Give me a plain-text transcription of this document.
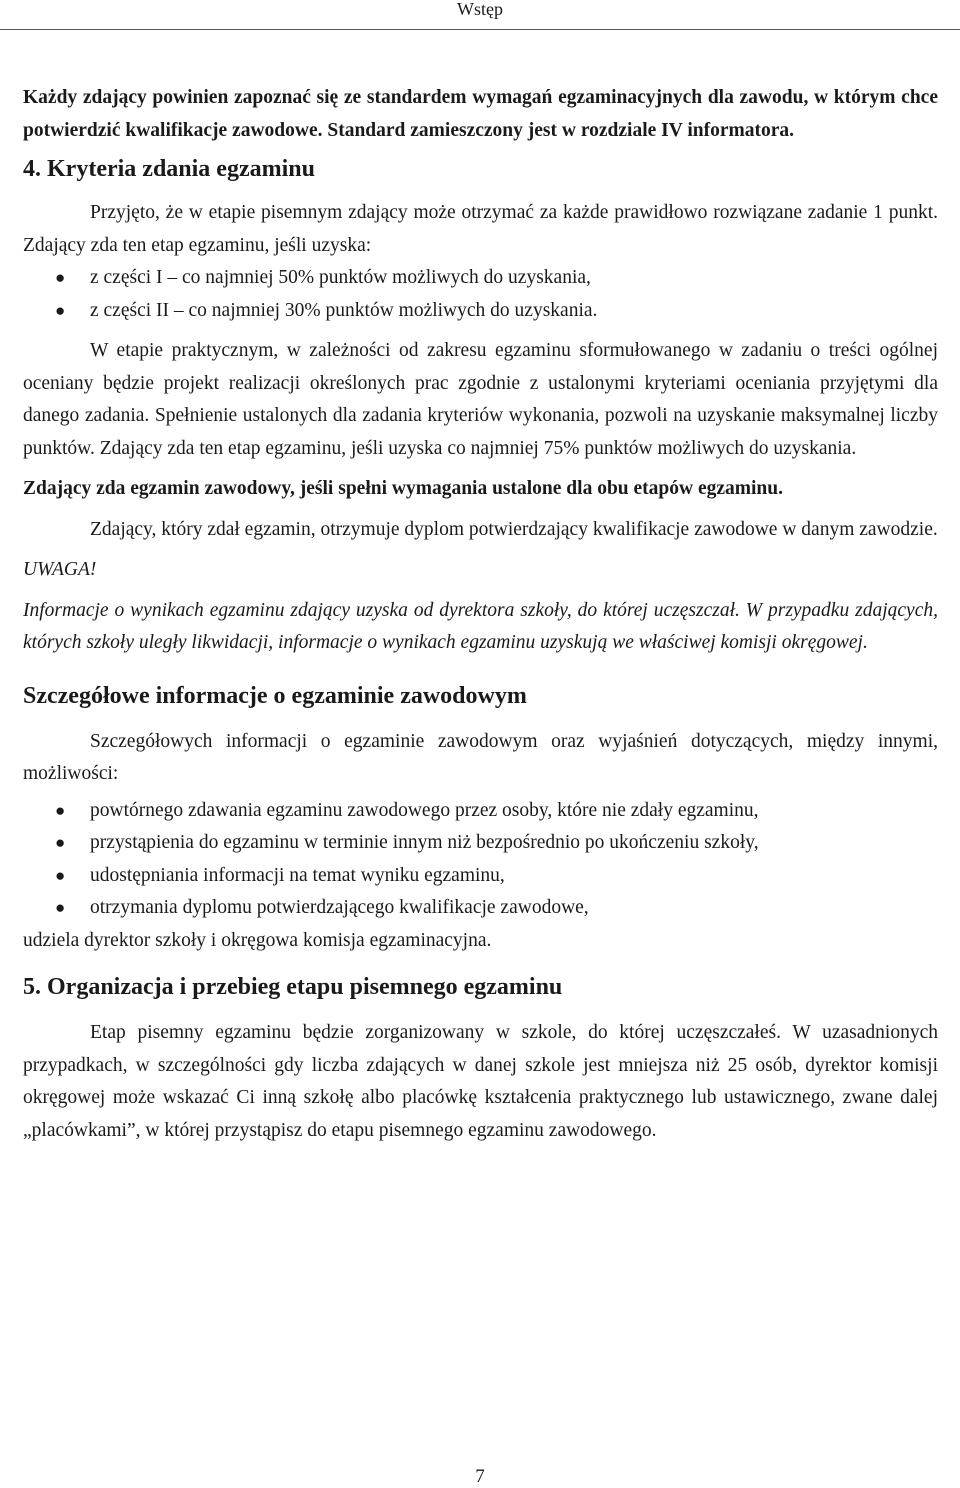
Wstęp

Każdy zdający powinien zapoznać się ze standardem wymagań egzaminacyjnych dla zawodu, w którym chce potwierdzić kwalifikacje zawodowe. Standard zamieszczony jest w rozdziale IV informatora.

4. Kryteria zdania egzaminu

Przyjęto, że w etapie pisemnym zdający może otrzymać za każde prawidłowo rozwiązane zadanie 1 punkt. Zdający zda ten etap egzaminu, jeśli uzyska:

● z części I – co najmniej 50% punktów możliwych do uzyskania,
● z części II – co najmniej 30% punktów możliwych do uzyskania.

W etapie praktycznym, w zależności od zakresu egzaminu sformułowanego w zadaniu o treści ogólnej oceniany będzie projekt realizacji określonych prac zgodnie z ustalonymi kryteriami oceniania przyjętymi dla danego zadania. Spełnienie ustalonych dla zadania kryteriów wykonania, pozwoli na uzyskanie maksymalnej liczby punktów. Zdający zda ten etap egzaminu, jeśli uzyska co najmniej 75% punktów możliwych do uzyskania.

Zdający zda egzamin zawodowy, jeśli spełni wymagania ustalone dla obu etapów egzaminu.

Zdający, który zdał egzamin, otrzymuje dyplom potwierdzający kwalifikacje zawodowe w danym zawodzie.

UWAGA!

Informacje o wynikach egzaminu zdający uzyska od dyrektora szkoły, do której uczęszczał. W przypadku zdających, których szkoły uległy likwidacji, informacje o wynikach egzaminu uzyskują we właściwej komisji okręgowej.

Szczegółowe informacje o egzaminie zawodowym

Szczegółowych informacji o egzaminie zawodowym oraz wyjaśnień dotyczących, między innymi, możliwości:

● powtórnego zdawania egzaminu zawodowego przez osoby, które nie zdały egzaminu,
● przystąpienia do egzaminu w terminie innym niż bezpośrednio po ukończeniu szkoły,
● udostępniania informacji na temat wyniku egzaminu,
● otrzymania dyplomu potwierdzającego kwalifikacje zawodowe,

udziela dyrektor szkoły i okręgowa komisja egzaminacyjna.

5. Organizacja i przebieg etapu pisemnego egzaminu

Etap pisemny egzaminu będzie zorganizowany w szkole, do której uczęszczałeś. W uzasadnionych przypadkach, w szczególności gdy liczba zdających w danej szkole jest mniejsza niż 25 osób, dyrektor komisji okręgowej może wskazać Ci inną szkołę albo placówkę kształcenia praktycznego lub ustawicznego, zwane dalej „placówkami”, w której przystąpisz do etapu pisemnego egzaminu zawodowego.

7
